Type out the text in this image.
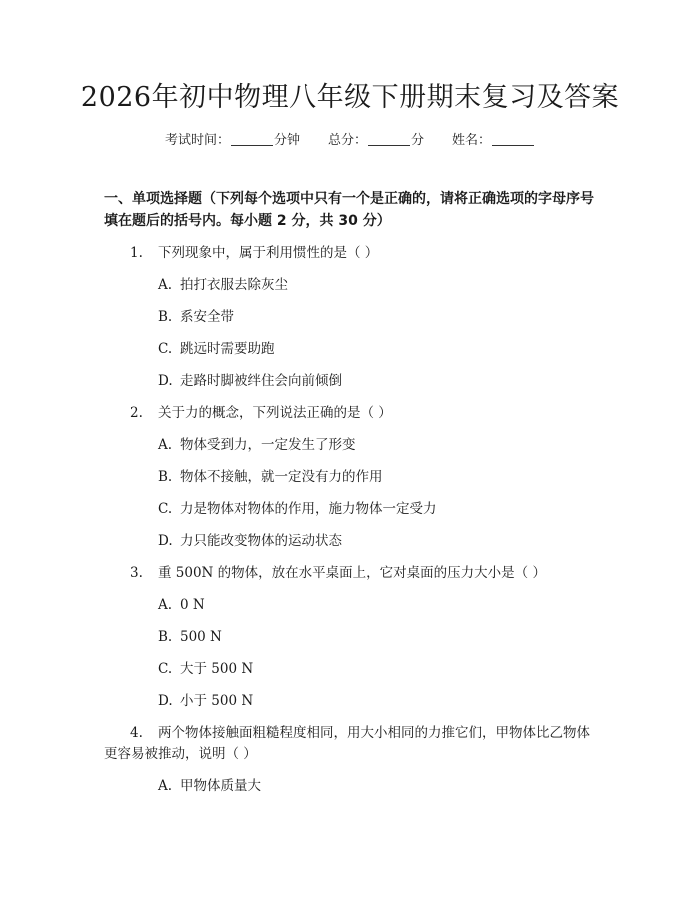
2026年初中物理八年级下册期末复习及答案
考试时间：	分钟 总分：	分 姓名：
一、单项选择题（下列每个选项中只有一个是正确的，请将正确选项的字母序号
填在题后的括号内。每小题 2 分，共 30 分）
1. 下列现象中，属于利用惯性的是（ ）
A. 拍打衣服去除灰尘
B. 系安全带
C. 跳远时需要助跑
D. 走路时脚被绊住会向前倾倒
2. 关于力的概念，下列说法正确的是（ ）
A. 物体受到力，一定发生了形变
B. 物体不接触，就一定没有力的作用
C. 力是物体对物体的作用，施力物体一定受力
D. 力只能改变物体的运动状态
3. 重 500N 的物体，放在水平桌面上，它对桌面的压力大小是（ ）
A. 0 N
B. 500 N
C. 大于 500 N
D. 小于 500 N
4. 两个物体接触面粗糙程度相同，用大小相同的力推它们，甲物体比乙物体
更容易被推动，说明（ ）
A. 甲物体质量大
